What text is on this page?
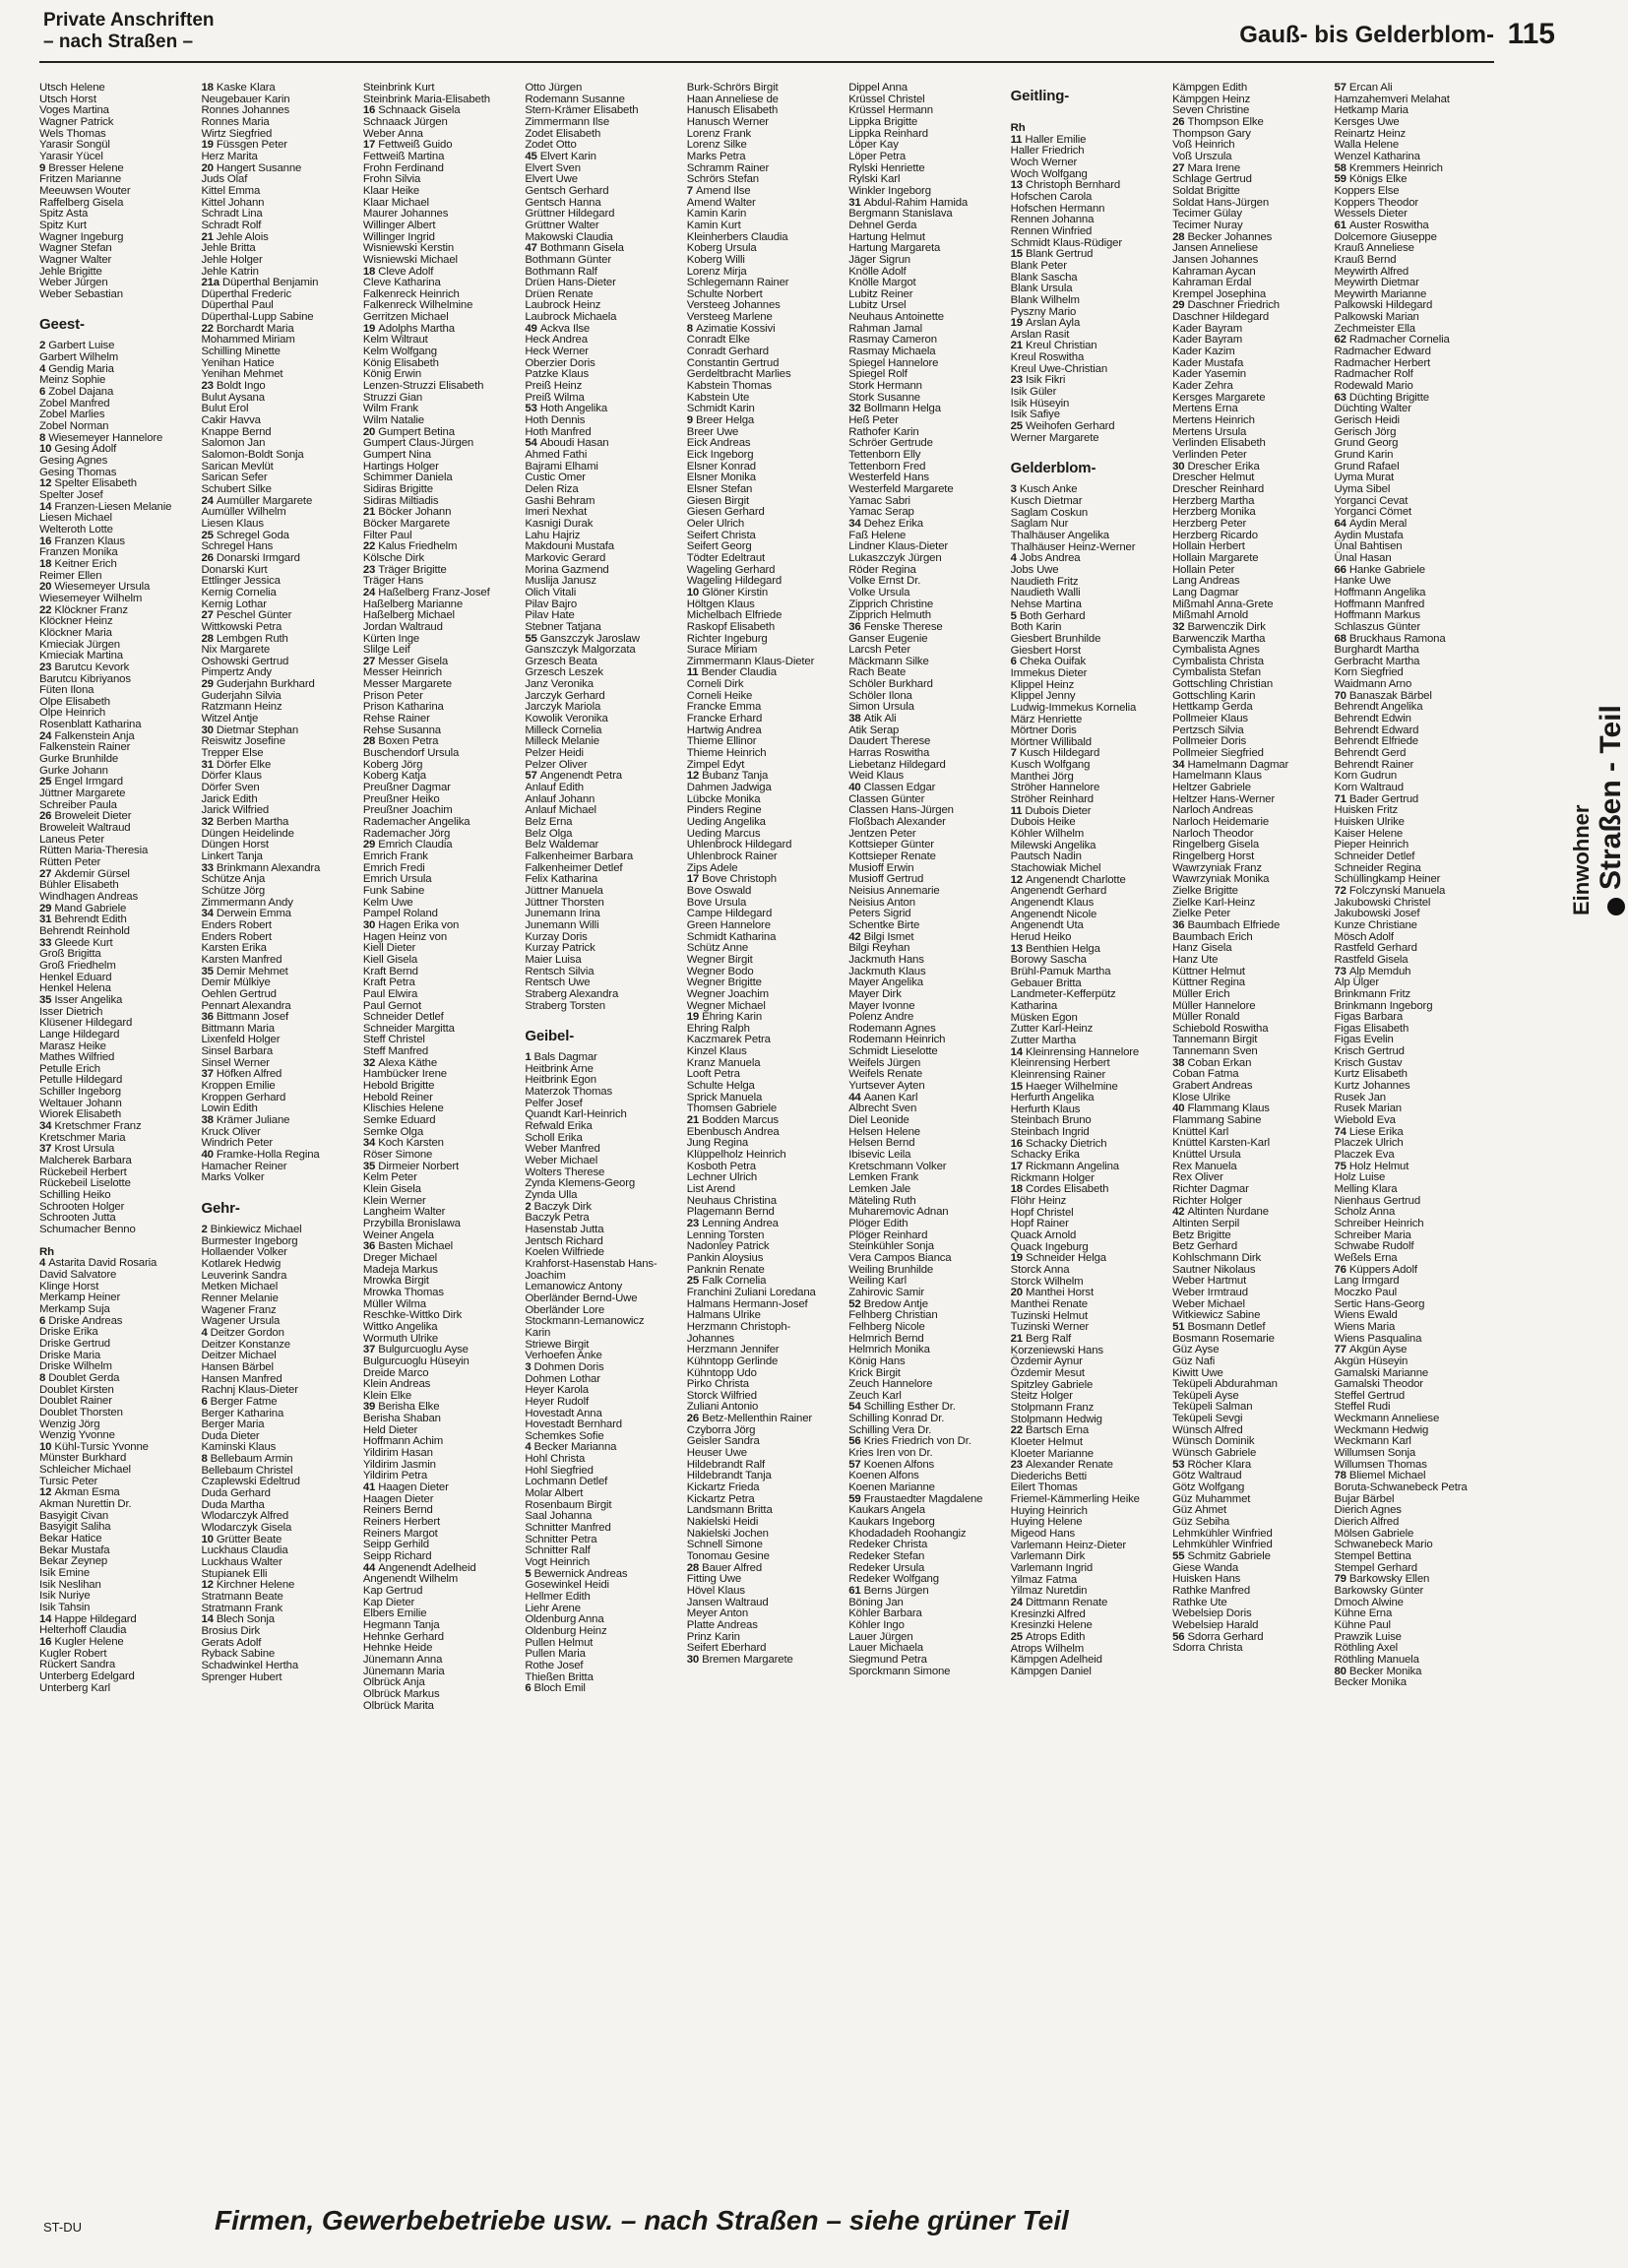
Private Anschriften
– nach Straßen –	Gauß- bis Gelderblom- 115
Utsch Helene
Utsch Horst
Voges Martina
Wagner Patrick
Wels Thomas
Yarasir Songül
Yarasir Yücel
9 Bresser Helene
Fritzen Marianne
Meeuwsen Wouter
Raffelberg Gisela
Spitz Asta
Spitz Kurt
Wagner Ingeburg
Wagner Stefan
Wagner Walter
Jehle Brigitte
Weber Jürgen
Weber Sebastian
Geest-
2 Garbert Luise
Garbert Wilhelm
4 Gendig Maria
Meinz Sophie
6 Zobel Dajana
Zobel Manfred
Zobel Marlies
Zobel Norman
8 Wiesemeyer Hannelore
10 Gesing Adolf
Gesing Agnes
Gesing Thomas
12 Spelter Elisabeth
Spelter Josef
14 Franzen-Liesen Melanie
Liesen Michael
Welteroth Lotte
16 Franzen Klaus
Franzen Monika
18 Keitner Erich
Reimer Ellen
20 Wiesemeyer Ursula
Wiesemeyer Wilhelm
22 Klöckner Franz
Klöckner Heinz
Klöckner Maria
Kmieciak Jürgen
Kmieciak Martina
23 Barutcu Kevork
Barutcu Kibriyanos
Füten Ilona
Olpe Elisabeth
Olpe Heinrich
Rosenblatt Katharina
24 Falkenstein Anja
Falkenstein Rainer
Gurke Brunhilde
Gurke Johann
25 Engel Irmgard
Jüttner Margarete
Schreiber Paula
26 Broweleit Dieter
Broweleit Waltraud
Laneus Peter
Rütten Maria-Theresia
Rütten Peter
27 Akdemir Gürsel
Bühler Elisabeth
Windhagen Andreas
29 Mand Gabriele
31 Behrendt Edith
Behrendt Reinhold
33 Gleede Kurt
Groß Brigitta
Groß Friedhelm
Henkel Eduard
Henkel Helena
35 Isser Angelika
Isser Dietrich
Klüsener Hildegard
Lange Hildegard
Marasz Heike
Mathes Wilfried
Petulle Erich
Petulle Hildegard
Schiller Ingeborg
Weltauer Johann
Wiorek Elisabeth
34 Kretschmer Franz
Kretschmer Maria
37 Krost Ursula
Malcherek Barbara
Rückebeil Herbert
Rückebeil Liselotte
Schilling Heiko
Schrooten Holger
Schrooten Jutta
Schumacher Benno
Rh
4 Astarita David Rosaria
David Salvatore
Klinge Horst
Merkamp Heiner
Merkamp Suja
6 Driske Andreas
Driske Erika
Driske Gertrud
Driske Maria
Driske Wilhelm
8 Doublet Gerda
Doublet Kirsten
Doublet Rainer
Doublet Thorsten
Wenzig Jörg
Wenzig Yvonne
10 Kühl-Tursic Yvonne
Münster Burkhard
Schleicher Michael
Tursic Peter
12 Akman Esma
Akman Nurettin Dr.
Basyigit Civan
Basyigit Saliha
Bekar Hatice
Bekar Mustafa
Bekar Zeynep
Isik Emine
Isik Neslihan
Isik Nuriye
Isik Tahsin
14 Happe Hildegard
Helterhoff Claudia
16 Kugler Helene
Kugler Robert
Rückert Sandra
Unterberg Edelgard
Unterberg Karl
18 Kaske Klara
Neugebauer Karin
Ronnes Johannes
Ronnes Maria
Wirtz Siegfried
19 Füssgen Peter
Herz Marita
20 Hangert Susanne
Juds Olaf
Kittel Emma
Kittel Johann
Schradt Lina
Schradt Rolf
21 Jehle Alois
Jehle Britta
Jehle Holger
Jehle Katrin
21a Düperthal Benjamin
Düperthal Frederic
Düperthal Paul
Düperthal-Lupp Sabine
22 Borchardt Maria
Mohammed Miriam
Schilling Minette
Yenihan Hatice
Yenihan Mehmet
23 Boldt Ingo
Bulut Aysana
Bulut Erol
Cakir Havva
Knappe Bernd
Salomon Jan
Salomon-Boldt Sonja
Sarican Mevlüt
Sarican Sefer
Schubert Silke
24 Aumüller Margarete
Aumüller Wilhelm
Liesen Klaus
25 Schregel Goda
Schregel Hans
26 Donarski Irmgard
Donarski Kurt
Ettlinger Jessica
Kernig Cornelia
Kernig Lothar
27 Peschel Günter
Wittkowski Petra
28 Lembgen Ruth
Nix Margarete
Oshowski Gertrud
Pimpertz Andy
29 Guderjahn Burkhard
Guderjahn Silvia
Ratzmann Heinz
Witzel Antje
30 Dietmar Stephan
Reiswitz Josefine
Trepper Else
31 Dörfer Elke
Dörfer Klaus
Dörfer Sven
Jarick Edith
Jarick Wilfried
32 Berben Martha
Düngen Heidelinde
Düngen Horst
Linkert Tanja
33 Brinkmann Alexandra
Schütze Anja
Schütze Jörg
Zimmermann Andy
34 Derwein Emma
Enders Robert
Enders Robert
Karsten Erika
Karsten Manfred
35 Demir Mehmet
Demir Mülkiye
Oehlen Gertrud
Pennart Alexandra
36 Bittmann Josef
Bittmann Maria
Lixenfeld Holger
Sinsel Barbara
Sinsel Werner
37 Höfken Alfred
Kroppen Emilie
Kroppen Gerhard
Lowin Edith
38 Krämer Juliane
Kruck Oliver
Windrich Peter
40 Framke-Holla Regina
Hamacher Reiner
Marks Volker
Gehr-
2 Binkiewicz Michael
Burmester Ingeborg
Hollaender Volker
Kotlarek Hedwig
Leuverink Sandra
Metken Michael
Renner Melanie
Wagener Franz
Wagener Ursula
4 Deitzer Gordon
Deitzer Konstanze
Deitzer Michael
Hansen Bärbel
Hansen Manfred
Rachnj Klaus-Dieter
6 Berger Fatme
Berger Katharina
Berger Maria
Duda Dieter
Kaminski Klaus
8 Bellebaum Armin
Bellebaum Christel
Czaplewski Edeltrud
Duda Gerhard
Duda Martha
Wlodarczyk Alfred
Wlodarczyk Gisela
10 Grütter Beate
Luckhaus Claudia
Luckhaus Walter
Stupianek Elli
12 Kirchner Helene
Stratmann Beate
Stratmann Frank
14 Blech Sonja
Brosius Dirk
Gerats Adolf
Ryback Sabine
Schadwinkel Hertha
Sprenger Hubert
Steinbrink Kurt
Steinbrink Maria-Elisabeth
16 Schnaack Gisela
Schnaack Jürgen
Weber Anna
17 Fettweiß Guido
Fettweiß Martina
Frohn Ferdinand
Frohn Silvia
Klaar Heike
Klaar Michael
Maurer Johannes
Willinger Albert
Willinger Ingrid
Wisniewski Kerstin
Wisniewski Michael
18 Cleve Adolf
Cleve Katharina
Falkenreck Heinrich
Falkenreck Wilhelmine
Gerritzen Michael
19 Adolphs Martha
Kelm Wiltraut
Kelm Wolfgang
König Elisabeth
König Erwin
Lenzen-Struzzi Elisabeth
Struzzi Gian
Wilm Frank
Wilm Natalie
20 Gumpert Betina
Gumpert Claus-Jürgen
Gumpert Nina
Hartings Holger
Schimmer Daniela
Sidiras Brigitte
Sidiras Miltiadis
21 Böcker Johann
Böcker Margarete
Filter Paul
22 Kalus Friedhelm
Kölsche Dirk
23 Träger Brigitte
Träger Hans
24 Haßelberg Franz-Josef
Haßelberg Marianne
Haßelberg Michael
Jordan Waltraud
Kürten Inge
Slilge Leif
27 Messer Gisela
Messer Heinrich
Messer Margarete
Prison Peter
Prison Katharina
Rehse Rainer
Rehse Susanna
28 Boxen Petra
Buschendorf Ursula
Koberg Jörg
Koberg Katja
Preußner Dagmar
Preußner Heiko
Preußner Joachim
Rademacher Angelika
Rademacher Jörg
29 Emrich Claudia
Emrich Frank
Emrich Fredi
Emrich Ursula
Funk Sabine
Kelm Uwe
Pampel Roland
30 Hagen Erika von
Hagen Heinz von
Kiell Dieter
Kiell Gisela
Kraft Bernd
Kraft Petra
Paul Elwira
Paul Gernot
Schneider Detlef
Schneider Margitta
Steff Christel
Steff Manfred
32 Alexa Käthe
Hambücker Irene
Hebold Brigitte
Hebold Reiner
Klischies Helene
Semke Eduard
Semke Olga
34 Koch Karsten
Röser Simone
35 Dirmeier Norbert
Kelm Peter
Klein Gisela
Klein Werner
Langheim Walter
Przybilla Bronislawa
Weiner Angela
36 Basten Michael
Dreger Michael
Madeja Markus
Mrowka Birgit
Mrowka Thomas
Müller Wilma
Reschke-Wittko Dirk
Wittko Angelika
Wormuth Ulrike
37 Bulgurcuoglu Ayse
Bulgurcuoglu Hüseyin
Dreide Marco
Klein Andreas
Klein Elke
39 Berisha Elke
Berisha Shaban
Held Dieter
Hoffmann Achim
Yildirim Hasan
Yildirim Jasmin
Yildirim Petra
41 Haagen Dieter
Haagen Dieter
Reiners Bernd
Reiners Herbert
Reiners Margot
Seipp Gerhild
Seipp Richard
44 Angenendt Adelheid
Angenendt Wilhelm
Kap Gertrud
Kap Dieter
Elbers Emilie
Hegmann Tanja
Hehnke Gerhard
Hehnke Heide
Jünemann Anna
Jünemann Maria
Olbrück Anja
Olbrück Markus
Olbrück Marita
Otto Jürgen
Rodemann Susanne
Stern-Krämer Elisabeth
Zimmermann Ilse
Zodet Elisabeth
Zodet Otto
45 Elvert Karin
Elvert Sven
Elvert Uwe
Gentsch Gerhard
Gentsch Hanna
Grüttner Hildegard
Grüttner Walter
Makowski Claudia
47 Bothmann Gisela
Bothmann Günter
Bothmann Ralf
Drüen Hans-Dieter
Drüen Renate
Laubrock Heinz
Laubrock Michaela
49 Ackva Ilse
Heck Andrea
Heck Werner
Oberzier Doris
Patzke Klaus
Preiß Heinz
Preiß Wilma
53 Hoth Angelika
Hoth Dennis
Hoth Manfred
54 Aboudi Hasan
Ahmed Fathi
Bajrami Elhami
Custic Omer
Delen Riza
Gashi Behram
Imeri Nexhat
Kasnigi Durak
Lahu Hajriz
Makdouni Mustafa
Markovic Gerard
Morina Gazmend
Muslija Janusz
Olich Vitali
Pilav Bajro
Pilav Hate
Stebner Tatjana
55 Ganszczyk Jaroslaw
Ganszczyk Malgorzata
Grzesch Beata
Grzesch Leszek
Janz Veronika
Jarczyk Gerhard
Jarczyk Mariola
Kowolik Veronika
Milleck Cornelia
Milleck Melanie
Pelzer Heidi
Pelzer Oliver
57 Angenendt Petra
Anlauf Edith
Anlauf Johann
Anlauf Michael
Belz Erna
Belz Olga
Belz Waldemar
Falkenheimer Barbara
Falkenheimer Detlef
Felix Katharina
Jüttner Manuela
Jüttner Thorsten
Junemann Irina
Junemann Willi
Kurzay Doris
Kurzay Patrick
Maier Luisa
Rentsch Silvia
Rentsch Uwe
Straberg Alexandra
Straberg Torsten
Geibel-
1 Bals Dagmar
Heitbrink Arne
Heitbrink Egon
Materzok Thomas
Pelfer Josef
Quandt Karl-Heinrich
Refwald Erika
Scholl Erika
Weber Manfred
Weber Michael
Wolters Therese
Zynda Klemens-Georg
Zynda Ulla
2 Baczyk Dirk
Baczyk Petra
Hasenstab Jutta
Jentsch Richard
Koelen Wilfriede
Krahforst-Hasenstab Hans-
Joachim
Lemanowicz Antony
Oberländer Bernd-Uwe
Oberländer Lore
Stockmann-Lemanowicz
Karin
Striewe Birgit
Verhoefen Anke
3 Dohmen Doris
Dohmen Lothar
Heyer Karola
Heyer Rudolf
Hovestadt Anna
Hovestadt Bernhard
Schemkes Sofie
4 Becker Marianna
Hohl Christa
Hohl Siegfried
Lochmann Detlef
Molar Albert
Rosenbaum Birgit
Saal Johanna
Schnitter Manfred
Schnitter Petra
Schnitter Ralf
Vogt Heinrich
5 Bewernick Andreas
Gosewinkel Heidi
Hellmer Edith
Liehr Arene
Oldenburg Anna
Oldenburg Heinz
Pullen Helmut
Pullen Maria
Rothe Josef
Thießen Britta
6 Bloch Emil
Burk-Schrörs Birgit
Haan Anneliese de
Hanusch Elisabeth
Hanusch Werner
Lorenz Frank
Lorenz Silke
Marks Petra
Schramm Rainer
Schrörs Stefan
7 Amend Ilse
Amend Walter
Kamin Karin
Kamin Kurt
Kleinherbers Claudia
Koberg Ursula
Koberg Willi
Lorenz Mirja
Schlegemann Rainer
Schulte Norbert
Versteeg Johannes
Versteeg Marlene
8 Azimatie Kossivi
Conradt Elke
Conradt Gerhard
Constantin Gertrud
Gerdeltbracht Marlies
Kabstein Thomas
Kabstein Ute
Schmidt Karin
9 Breer Helga
Breer Uwe
Eick Andreas
Eick Ingeborg
Elsner Konrad
Elsner Monika
Elsner Stefan
Giesen Birgit
Giesen Gerhard
Oeler Ulrich
Seifert Christa
Seifert Georg
Tödter Edeltraut
Wageling Gerhard
Wageling Hildegard
10 Glöner Kirstin
Höltgen Klaus
Michelbach Elfriede
Raskopf Elisabeth
Richter Ingeburg
Surace Miriam
Zimmermann Klaus-Dieter
11 Bender Claudia
Corneli Dirk
Corneli Heike
Francke Emma
Francke Erhard
Hartwig Andrea
Thieme Ellinor
Thieme Heinrich
Zimpel Edyt
12 Bubanz Tanja
Dahmen Jadwiga
Lübcke Monika
Pinders Regine
Ueding Angelika
Ueding Marcus
Uhlenbrock Hildegard
Uhlenbrock Rainer
Zips Adele
17 Bove Christoph
Bove Oswald
Bove Ursula
Campe Hildegard
Green Hannelore
Schmidt Katharina
Schütz Anne
Wegner Birgit
Wegner Bodo
Wegner Brigitte
Wegner Joachim
Wegner Michael
19 Ehring Karin
Ehring Ralph
Kaczmarek Petra
Kinzel Klaus
Kranz Manuela
Looft Petra
Schulte Helga
Sprick Manuela
Thomsen Gabriele
21 Bodden Marcus
Ebenbusch Andrea
Jung Regina
Klüppelholz Heinrich
Kosboth Petra
Lechner Ulrich
List Arend
Neuhaus Christina
Plagemann Bernd
23 Lenning Andrea
Lenning Torsten
Nadonley Patrick
Pankin Aloysius
Panknin Renate
25 Falk Cornelia
Franchini Zuliani Loredana
Halmans Hermann-Josef
Halmans Ulrike
Herzmann Christoph-
Johannes
Herzmann Jennifer
Kühntopp Gerlinde
Kühntopp Udo
Pirko Christa
Storck Wilfried
Zuliani Antonio
26 Betz-Mellenthin Rainer
Czyborra Jörg
Geisler Sandra
Heuser Uwe
Hildebrandt Ralf
Hildebrandt Tanja
Kickartz Frieda
Kickartz Petra
Landsmann Britta
Nakielski Heidi
Nakielski Jochen
Schnell Simone
Tonomau Gesine
28 Bauer Alfred
Fitting Uwe
Hövel Klaus
Jansen Waltraud
Meyer Anton
Platte Andreas
Prinz Karin
Seifert Eberhard
30 Bremen Margarete
Dippel Anna
Krüssel Christel
Krüssel Hermann
Lippka Brigitte
Lippka Reinhard
Löper Kay
Löper Petra
Rylski Henriette
Rylski Karl
Winkler Ingeborg
31 Abdul-Rahim Hamida
Bergmann Stanislava
Dehnel Gerda
Hartung Helmut
Hartung Margareta
Jäger Sigrun
Knölle Adolf
Knölle Margot
Lubitz Reiner
Lubitz Ursel
Neuhaus Antoinette
Rahman Jamal
Rasmay Cameron
Rasmay Michaela
Spiegel Hannelore
Spiegel Rolf
Stork Hermann
Stork Susanne
32 Bollmann Helga
Heß Peter
Rathofer Karin
Schröer Gertrude
Tettenborn Elly
Tettenborn Fred
Westerfeld Hans
Westerfeld Margarete
Yamac Sabri
Yamac Serap
34 Dehez Erika
Faß Helene
Lindner Klaus-Dieter
Lukaszczyk Jürgen
Röder Regina
Volke Ernst Dr.
Volke Ursula
Zipprich Christine
Zipprich Helmuth
36 Fenske Therese
Ganser Eugenie
Larcsh Peter
Mäckmann Silke
Rach Beate
Schöler Burkhard
Schöler Ilona
Simon Ursula
38 Atik Ali
Atik Serap
Daudert Therese
Harras Roswitha
Liebetanz Hildegard
Weid Klaus
40 Classen Edgar
Classen Günter
Classen Hans-Jürgen
Floßbach Alexander
Jentzen Peter
Kottsieper Günter
Kottsieper Renate
Musioff Erwin
Musioff Gertrud
Neisius Annemarie
Neisius Anton
Peters Sigrid
Schentke Birte
42 Bilgi Ismet
Bilgi Reyhan
Jackmuth Hans
Jackmuth Klaus
Mayer Angelika
Mayer Dirk
Mayer Ivonne
Polenz Andre
Rodemann Agnes
Rodemann Heinrich
Schmidt Lieselotte
Weifels Jürgen
Weifels Renate
Yurtsever Ayten
44 Aanen Karl
Albrecht Sven
Diel Leonide
Helsen Helene
Helsen Bernd
Ibisevic Leila
Kretschmann Volker
Lemken Frank
Lemken Jale
Mäteling Ruth
Muharemovic Adnan
Plöger Edith
Plöger Reinhard
Steinkühler Sonja
Vera Campos Bianca
Weiling Brunhilde
Weiling Karl
Zahirovic Samir
52 Bredow Antje
Felhberg Christian
Felhberg Nicole
Helmrich Bernd
Helmrich Monika
König Hans
Krick Birgit
Zeuch Hannelore
Zeuch Karl
54 Schilling Esther Dr.
Schilling Konrad Dr.
Schilling Vera Dr.
56 Kries Friedrich von Dr.
Kries Iren von Dr.
57 Koenen Alfons
Koenen Alfons
Koenen Marianne
59 Fraustaedter Magdalene
Kaukars Angela
Kaukars Ingeborg
Khodadadeh Roohangiz
Redeker Christa
Redeker Stefan
Redeker Ursula
Redeker Wolfgang
61 Berns Jürgen
Böning Jan
Köhler Barbara
Köhler Ingo
Lauer Jürgen
Lauer Michaela
Siegmund Petra
Sporckmann Simone
Geitling-
Rh
11 Haller Emilie
Haller Friedrich
Woch Werner
Woch Wolfgang
13 Christoph Bernhard
Hofschen Carola
Hofschen Hermann
Rennen Johanna
Rennen Winfried
Schmidt Klaus-Rüdiger
15 Blank Gertrud
Blank Peter
Blank Sascha
Blank Ursula
Blank Wilhelm
Pyszny Mario
19 Arslan Ayla
Arslan Rasit
21 Kreul Christian
Kreul Roswitha
Kreul Uwe-Christian
23 Isik Fikri
Isik Güler
Isik Hüseyin
Isik Safiye
25 Weihofen Gerhard
Werner Margarete
Gelderblom-
3 Kusch Anke
Kusch Dietmar
Saglam Coskun
Saglam Nur
Thalhäuser Angelika
Thalhäuser Heinz-Werner
4 Jobs Andrea
Jobs Uwe
Naudieth Fritz
Naudieth Walli
Nehse Martina
5 Both Gerhard
Both Karin
Giesbert Brunhilde
Giesbert Horst
6 Cheka Ouifak
Immekus Dieter
Klippel Heinz
Klippel Jenny
Ludwig-Immekus Kornelia
März Henriette
Mörtner Doris
Mörtner Willibald
7 Kusch Hildegard
Kusch Wolfgang
Manthei Jörg
Ströher Hannelore
Ströher Reinhard
11 Dubois Dieter
Dubois Heike
Köhler Wilhelm
Milewski Angelika
Pautsch Nadin
Stachowiak Michel
12 Angenendt Charlotte
Angenendt Gerhard
Angenendt Klaus
Angenendt Nicole
Angenendt Uta
Herud Heiko
13 Benthien Helga
Borowy Sascha
Brühl-Pamuk Martha
Gebauer Britta
Landmeter-Kefferpütz
Katharina
Müsken Egon
Zutter Karl-Heinz
Zutter Martha
14 Kleinrensing Hannelore
Kleinrensing Herbert
Kleinrensing Rainer
15 Haeger Wilhelmine
Herfurth Angelika
Herfurth Klaus
Steinbach Bruno
Steinbach Ingrid
16 Schacky Dietrich
Schacky Erika
17 Rickmann Angelina
Rickmann Holger
18 Cordes Elisabeth
Flöhr Heinz
Hopf Christel
Hopf Rainer
Quack Arnold
Quack Ingeburg
19 Schneider Helga
Storck Anna
Storck Wilhelm
20 Manthei Horst
Manthei Renate
Tuzinski Helmut
Tuzinski Werner
21 Berg Ralf
Korzeniewski Hans
Özdemir Aynur
Özdemir Mesut
Spitzley Gabriele
Steitz Holger
Stolpmann Franz
Stolpmann Hedwig
22 Bartsch Erna
Kloeter Helmut
Kloeter Marianne
23 Alexander Renate
Diederichs Betti
Eilert Thomas
Friemel-Kämmerling Heike
Huying Heinrich
Huying Helene
Migeod Hans
Varlemann Heinz-Dieter
Varlemann Dirk
Varlemann Ingrid
Yilmaz Fatma
Yilmaz Nuretdin
24 Dittmann Renate
Kresinzki Alfred
Kresinzki Helene
25 Atrops Edith
Atrops Wilhelm
Kämpgen Adelheid
Kämpgen Daniel
Kämpgen Edith
Kämpgen Heinz
Seven Christine
26 Thompson Elke
Thompson Gary
Voß Heinrich
Voß Urszula
27 Mara Irene
Schlage Gertrud
Soldat Brigitte
Soldat Hans-Jürgen
Tecimer Gülay
Tecimer Nuray
28 Becker Johannes
Jansen Anneliese
Jansen Johannes
Kahraman Aycan
Kahraman Erdal
Krempel Josephina
29 Daschner Friedrich
Daschner Hildegard
Kader Bayram
Kader Bayram
Kader Kazim
Kader Mustafa
Kader Yasemin
Kader Zehra
Kersges Margarete
Mertens Erna
Mertens Heinrich
Mertens Ursula
Verlinden Elisabeth
Verlinden Peter
30 Drescher Erika
Drescher Helmut
Drescher Reinhard
Herzberg Martha
Herzberg Monika
Herzberg Peter
Herzberg Ricardo
Hollain Herbert
Hollain Margarete
Hollain Peter
Lang Andreas
Lang Dagmar
Mißmahl Anna-Grete
Mißmahl Arnold
32 Barwenczik Dirk
Barwenczik Martha
Cymbalista Agnes
Cymbalista Christa
Cymbalista Stefan
Gottschling Christian
Gottschling Karin
Hettkamp Gerda
Pollmeier Klaus
Pertzsch Silvia
Pollmeier Doris
Pollmeier Siegfried
34 Hamelmann Dagmar
Hamelmann Klaus
Heltzer Gabriele
Heltzer Hans-Werner
Narloch Andreas
Narloch Heidemarie
Narloch Theodor
Ringelberg Gisela
Ringelberg Horst
Wawrzyniak Franz
Wawrzyniak Monika
Zielke Brigitte
Zielke Karl-Heinz
Zielke Peter
36 Baumbach Elfriede
Baumbach Erich
Hanz Gisela
Hanz Ute
Küttner Helmut
Küttner Regina
Müller Erich
Müller Hannelore
Müller Ronald
Schiebold Roswitha
Tannemann Birgit
Tannemann Sven
38 Coban Erkan
Coban Fatma
Grabert Andreas
Klose Ulrike
40 Flammang Klaus
Flammang Sabine
Knüttel Karl
Knüttel Karsten-Karl
Knüttel Ursula
Rex Manuela
Rex Oliver
Richter Dagmar
Richter Holger
42 Altinten Nurdane
Altinten Serpil
Betz Brigitte
Betz Gerhard
Kohlschmann Dirk
Sautner Nikolaus
Weber Hartmut
Weber Irmtraud
Weber Michael
Witkiewicz Sabine
51 Bosmann Detlef
Bosmann Rosemarie
Güz Ayse
Güz Nafi
Kiwitt Uwe
Teküpeli Abdurahman
Teküpeli Ayse
Teküpeli Salman
Teküpeli Sevgi
Wünsch Alfred
Wünsch Dominik
Wünsch Gabriele
53 Röcher Klara
Götz Waltraud
Götz Wolfgang
Güz Muhammet
Güz Ahmet
Güz Sebiha
Lehmkühler Winfried
Lehmkühler Winfried
55 Schmitz Gabriele
Giese Wanda
Huisken Hans
Rathke Manfred
Rathke Ute
Webelsiep Doris
Webelsiep Harald
56 Sdorra Gerhard
Sdorra Christa
57 Ercan Ali
Hamzahemveri Melahat
Hetkamp Maria
Kersges Uwe
Reinartz Heinz
Walla Helene
Wenzel Katharina
58 Kremmers Heinrich
59 Königs Elke
Koppers Else
Koppers Theodor
Wessels Dieter
61 Auster Roswitha
Dolcemore Giuseppe
Krauß Anneliese
Krauß Bernd
Meywirth Alfred
Meywirth Dietmar
Meywirth Marianne
Palkowski Hildegard
Palkowski Marian
Zechmeister Ella
62 Radmacher Cornelia
Radmacher Edward
Radmacher Herbert
Radmacher Rolf
Rodewald Mario
63 Düchting Brigitte
Düchting Walter
Gerisch Heidi
Gerisch Jörg
Grund Georg
Grund Karin
Grund Rafael
Uyma Murat
Uyma Sibel
Yorganci Cevat
Yorganci Cömet
64 Aydin Meral
Aydin Mustafa
Ünal Bahtisen
Ünal Hasan
66 Hanke Gabriele
Hanke Uwe
Hoffmann Angelika
Hoffmann Manfred
Hoffmann Markus
Schlaszus Günter
68 Bruckhaus Ramona
Burghardt Martha
Gerbracht Martha
Korn Siegfried
Waidmann Arno
70 Banaszak Bärbel
Behrendt Angelika
Behrendt Edwin
Behrendt Edward
Behrendt Elfriede
Behrendt Gerd
Behrendt Rainer
Korn Gudrun
Korn Waltraud
71 Bader Gertrud
Huisken Fritz
Huisken Ulrike
Kaiser Helene
Pieper Heinrich
Schneider Detlef
Schneider Regina
Schüllingkamp Heiner
72 Folczynski Manuela
Jakubowski Christel
Jakubowski Josef
Kunze Christiane
Mösch Adolf
Rastfeld Gerhard
Rastfeld Gisela
73 Alp Memduh
Alp Ülger
Brinkmann Fritz
Brinkmann Ingeborg
Figas Barbara
Figas Elisabeth
Figas Evelin
Krisch Gertrud
Krisch Gustav
Kurtz Elisabeth
Kurtz Johannes
Rusek Jan
Rusek Marian
Wiebold Eva
74 Liese Erika
Placzek Ulrich
Placzek Eva
75 Holz Helmut
Holz Luise
Melling Klara
Nienhaus Gertrud
Scholz Anna
Schreiber Heinrich
Schreiber Maria
Schwabe Rudolf
Weßels Erna
76 Küppers Adolf
Lang Irmgard
Moczko Paul
Sertic Hans-Georg
Wiens Ewald
Wiens Maria
Wiens Pasqualina
77 Akgün Ayse
Akgün Hüseyin
Gamalski Marianne
Gamalski Theodor
Steffel Gertrud
Steffel Rudi
Weckmann Anneliese
Weckmann Hedwig
Weckmann Karl
Willumsen Sonja
Willumsen Thomas
78 Bliemel Michael
Boruta-Schwanebeck Petra
Bujar Bärbel
Dierich Agnes
Dierich Alfred
Mölsen Gabriele
Schwanebeck Mario
Stempel Bettina
Stempel Gerhard
79 Barkowsky Ellen
Barkowsky Günter
Dmoch Alwine
Kühne Erna
Kühne Paul
Prawzik Luise
Röthling Axel
Röthling Manuela
80 Becker Monika
Becker Monika
Einwohner
Straßen - Teil
ST-DU	Firmen, Gewerbebetriebe usw. – nach Straßen – siehe grüner Teil
